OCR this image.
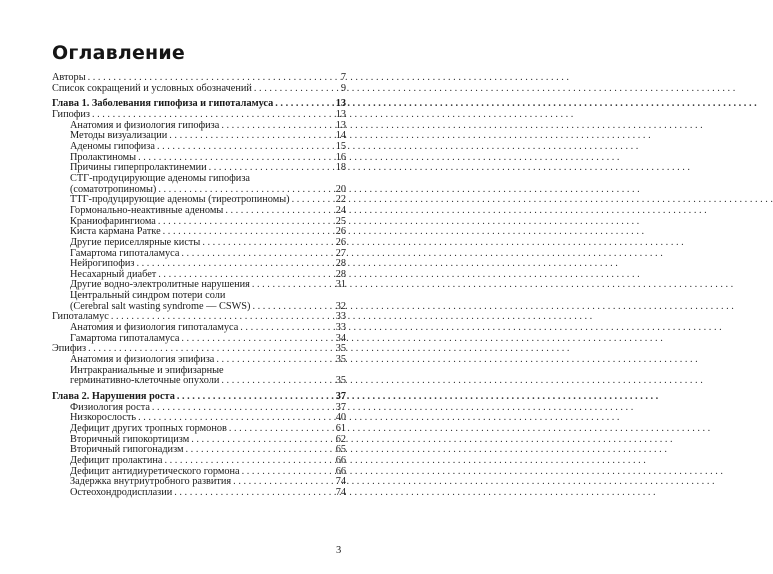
Оглавление
Авторы . . .	7
Список сокращений и условных обозначений . . .	9
Глава 1. Заболевания гипофиза и гипоталамуса . . .	13
Гипофиз . . .	13
Анатомия и физиология гипофиза . . .	13
Методы визуализации . . .	14
Аденомы гипофиза . . .	15
Пролактиномы . . .	16
Причины гиперпролактинемии . . .	18
СТГ-продуцирующие аденомы гипофиза
(соматотропиномы) . . .	20
ТТГ-продуцирующие аденомы (тиреотропиномы) . . .	22
Гормонально-неактивные аденомы . . .	24
Краниофарингиома . . .	25
Киста кармана Ратке . . .	26
Другие периселлярные кисты . . .	26
Гамартома гипоталамуса . . .	27
Нейрогипофиз . . .	28
Несахарный диабет . . .	28
Другие водно-электролитные нарушения . . .	31
Центральный синдром потери соли
(Cerebral salt wasting syndrome — CSWS) . . .	32
Гипоталамус . . .	33
Анатомия и физиология гипоталамуса . . .	33
Гамартома гипоталамуса . . .	34
Эпифиз . . .	35
Анатомия и физиология эпифиза . . .	35
Интракраниальные и эпифизарные
герминативно-клеточные опухоли . . .	35
Глава 2. Нарушения роста . . .	37
Физиология роста . . .	37
Низкорослость . . .	40
Дефицит других тропных гормонов . . .	61
Вторичный гипокортицизм . . .	62
Вторичный гипогонадизм . . .	65
Дефицит пролактина . . .	66
Дефицит антидиуретического гормона . . .	66
Задержка внутриутробного развития . . .	74
Остеохондродисплазии . . .	74
3
